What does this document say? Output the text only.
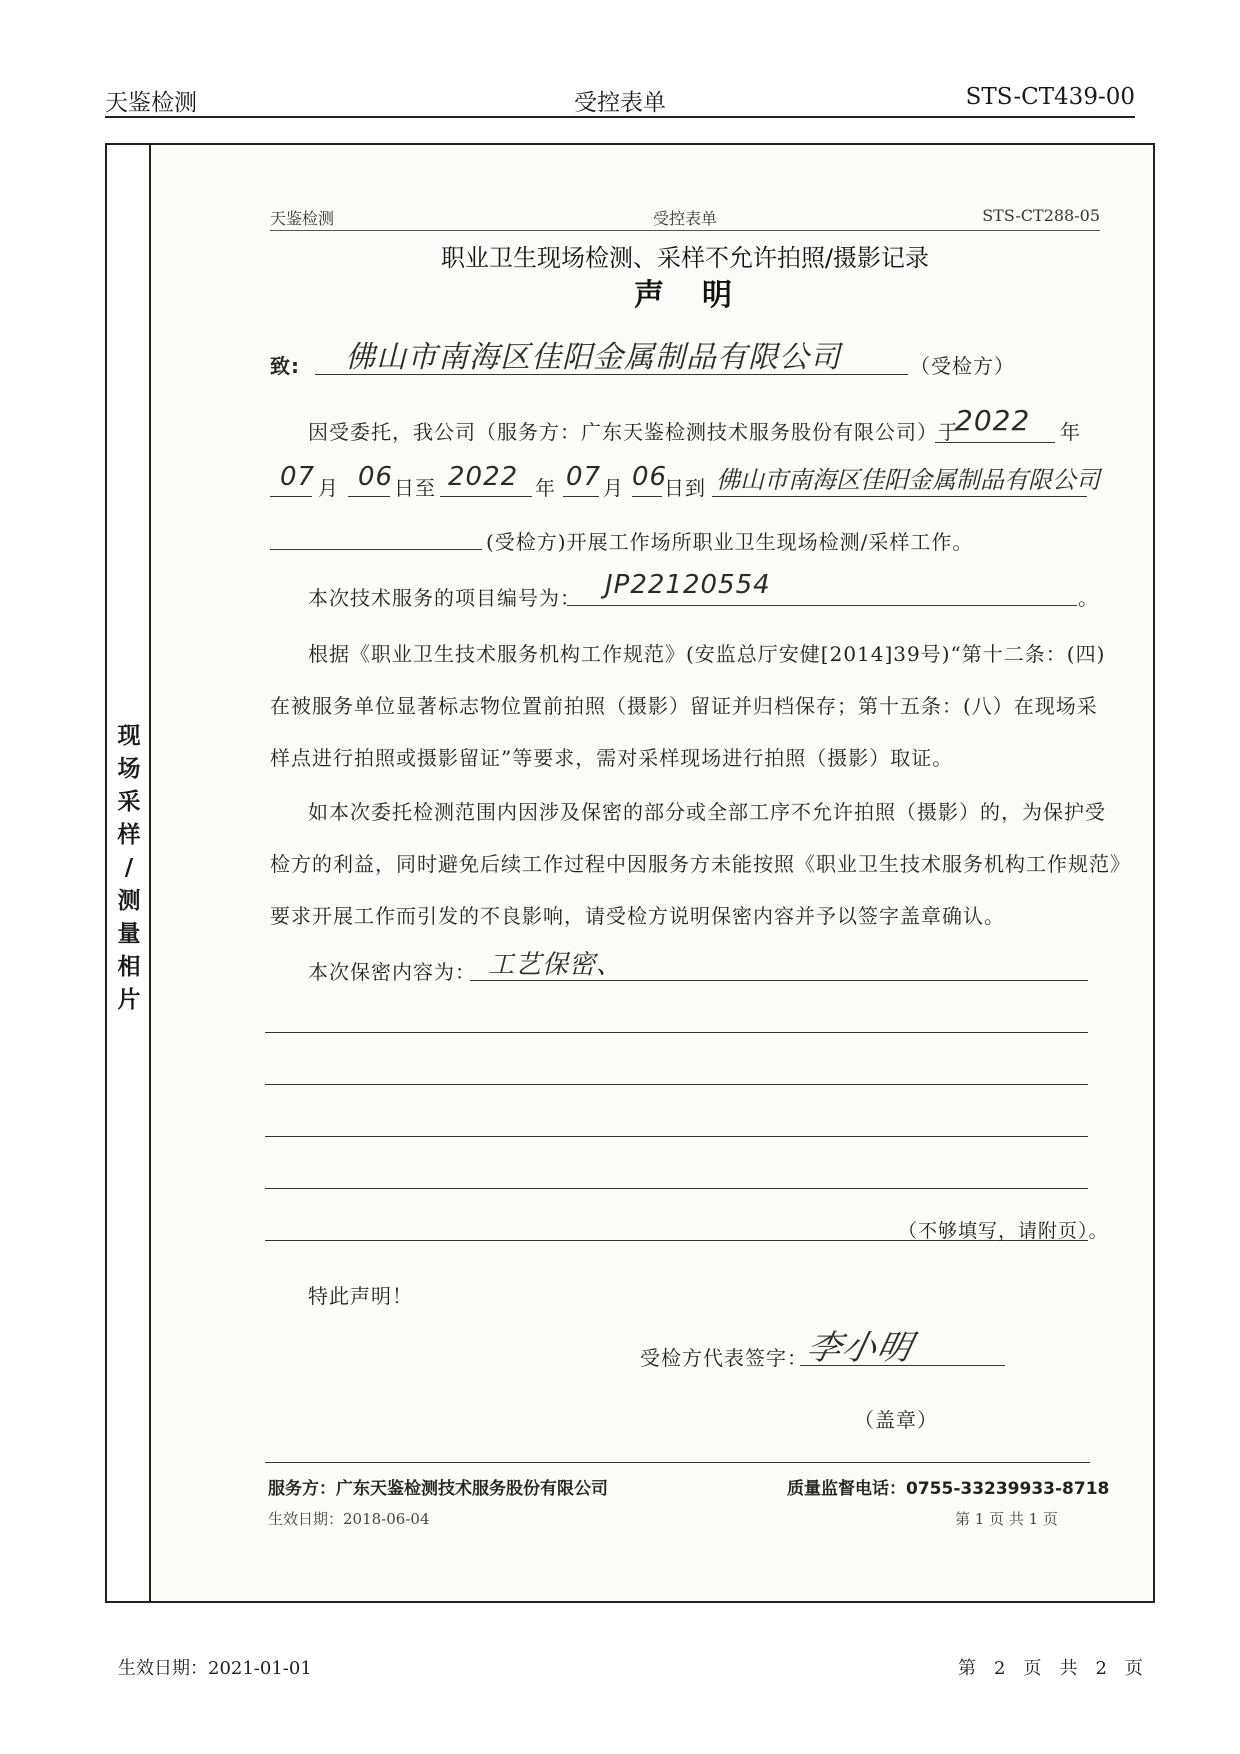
天鉴检测	受控表单	STS-CT439-00
现
场
采
样
/
测
量
相
片
天鉴检测	受控表单	STS-CT288-05
职业卫生现场检测、采样不允许拍照/摄影记录
声　明
致: 佛山市南海区佳阳金属制品有限公司	（受检方）
因受委托，我公司（服务方：广东天鉴检测技术服务股份有限公司）于
2022 年
07 月 06 日至 2022 年 07 月 06
日到 佛山市南海区佳阳金属制品有限公司
(受检方)开展工作场所职业卫生现场检测/采样工作。
本次技术服务的项目编号为： JP22120554	。
根据《职业卫生技术服务机构工作规范》(安监总厅安健[2014]39号)“第十二条：(四)
在被服务单位显著标志物位置前拍照（摄影）留证并归档保存；第十五条：(八）在现场采
样点进行拍照或摄影留证”等要求，需对采样现场进行拍照（摄影）取证。
如本次委托检测范围内因涉及保密的部分或全部工序不允许拍照（摄影）的，为保护受
检方的利益，同时避免后续工作过程中因服务方未能按照《职业卫生技术服务机构工作规范》
要求开展工作而引发的不良影响，请受检方说明保密内容并予以签字盖章确认。
本次保密内容为： 工艺保密、
（不够填写，请附页）。
特此声明！
受检方代表签字：
李小明
（盖章）
服务方：广东天鉴检测技术服务股份有限公司	质量监督电话：0755-33239933-8718
生效日期：2018-06-04	第 1 页 共 1 页
生效日期：2021-01-01	第　2　页　共　2　页
